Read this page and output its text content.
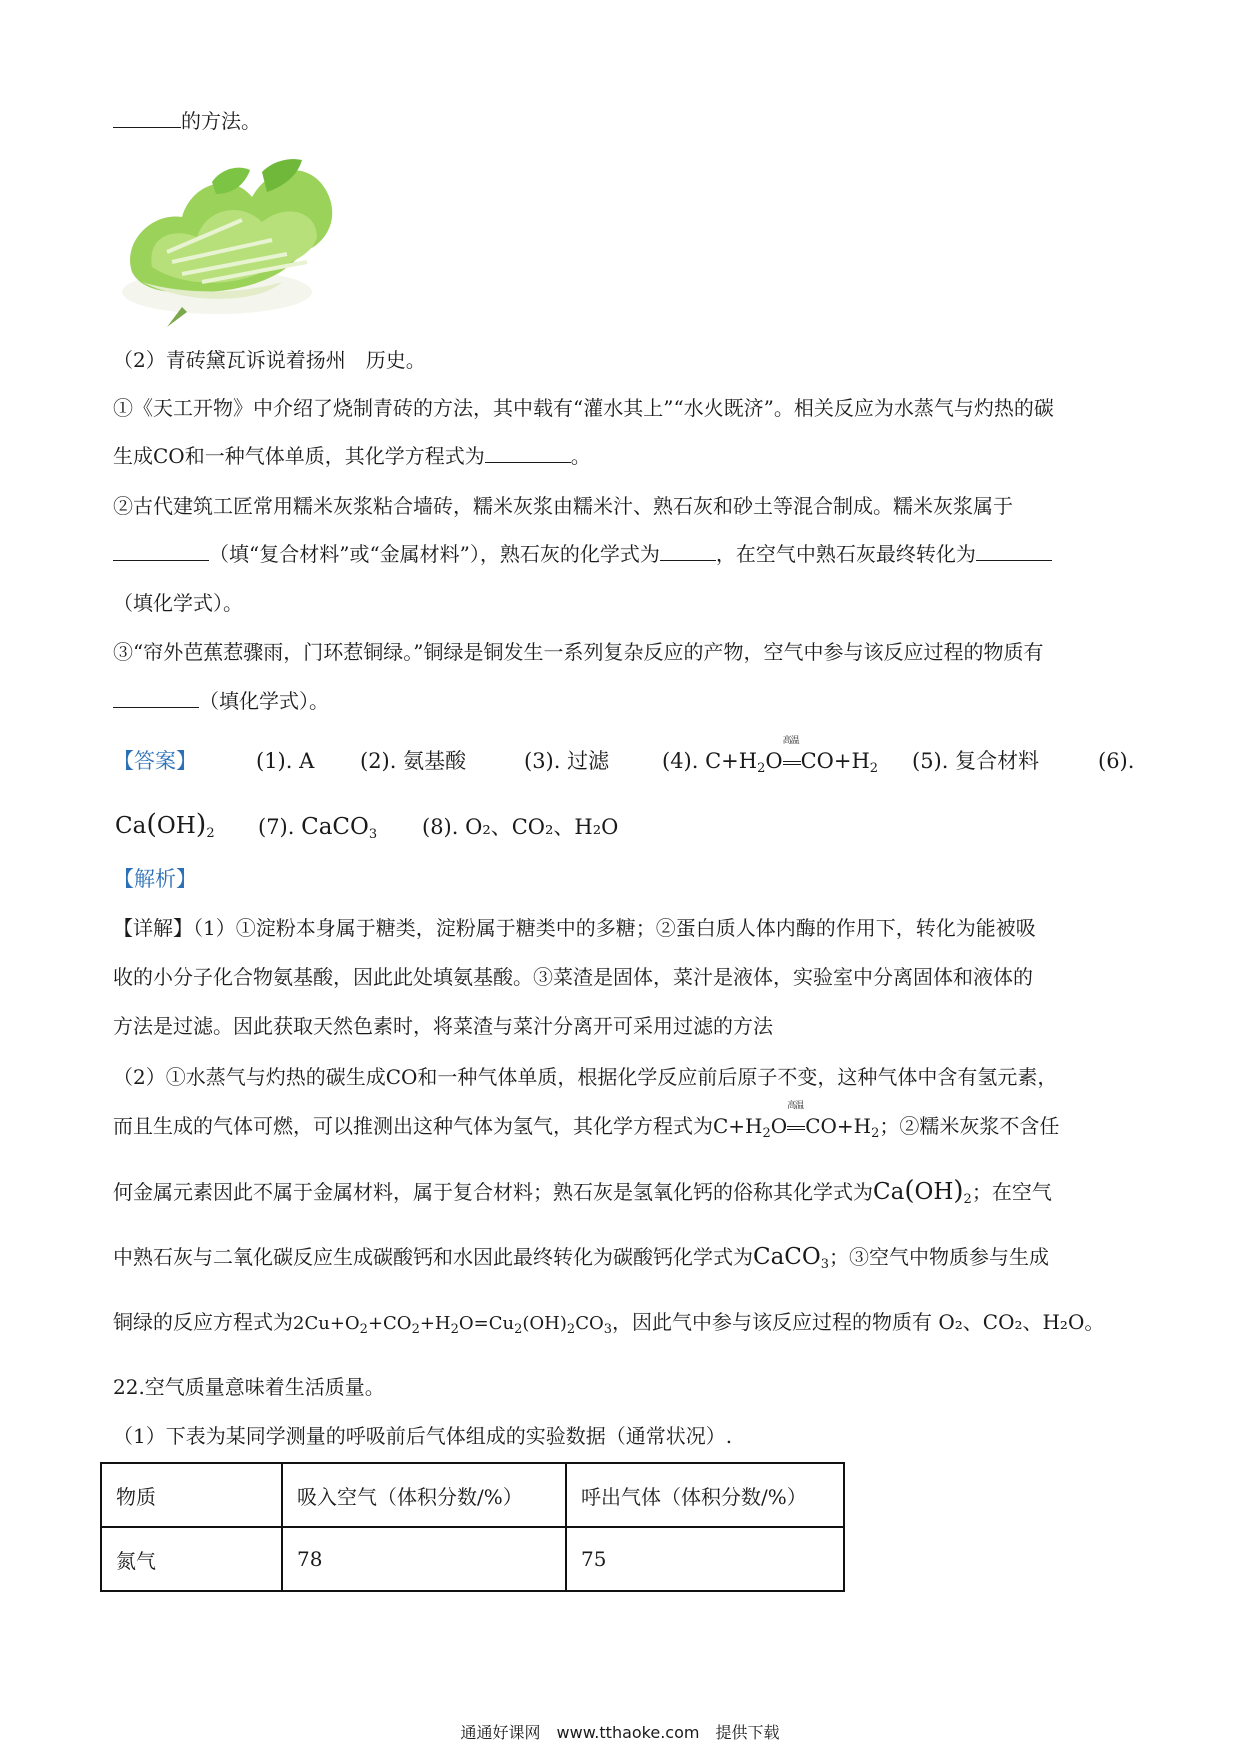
的方法。
（2）青砖黛瓦诉说着扬州　历史。
①《天工开物》中介绍了烧制青砖的方法，其中载有“灌水其上”“水火既济”。相关反应为水蒸气与灼热的碳
生成CO和一种气体单质，其化学方程式为	。
②古代建筑工匠常用糯米灰浆粘合墙砖，糯米灰浆由糯米汁、熟石灰和砂土等混合制成。糯米灰浆属于
（填“复合材料”或“金属材料”），熟石灰的化学式为	，在空气中熟石灰最终转化为
（填化学式）。
③“帘外芭蕉惹骤雨，门环惹铜绿。”铜绿是铜发生一系列复杂反应的产物，空气中参与该反应过程的物质有
（填化学式）。
【答案】	(1). A (2). 氨基酸	(3). 过滤	(4). $C+H_2O$
高温
$CO+H_2$ (5). 复合材料	(6).
$Ca(OH)_2$ (7). CaCO$_3$ (8). O₂、CO₂、H₂O
【解析】
【详解】（1）①淀粉本身属于糖类，淀粉属于糖类中的多糖；②蛋白质人体内酶的作用下，转化为能被吸
收的小分子化合物氨基酸，因此此处填氨基酸。③菜渣是固体，菜汁是液体，实验室中分离固体和液体的
方法是过滤。因此获取天然色素时，将菜渣与菜汁分离开可采用过滤的方法
（2）①水蒸气与灼热的碳生成CO和一种气体单质，根据化学反应前后原子不变，这种气体中含有氢元素，
而且生成的气体可燃，可以推测出这种气体为氢气，其化学方程式为$C+H_2O$
高温
$CO+H_2$；②糯米灰浆不含任
何金属元素因此不属于金属材料，属于复合材料；熟石灰是氢氧化钙的俗称其化学式为$Ca(OH)_2$；在空气
中熟石灰与二氧化碳反应生成碳酸钙和水因此最终转化为碳酸钙化学式为CaCO$_3$；③空气中物质参与生成
铜绿的反应方程式为$2Cu+O_2+CO_2+H_2O=Cu_2(OH)_2CO_3$，因此气中参与该反应过程的物质有 O₂、CO₂、H₂O。
22.空气质量意味着生活质量。
（1）下表为某同学测量的呼吸前后气体组成的实验数据（通常状况）.
物质	吸入空气（体积分数/%）	呼出气体（体积分数/%）
氮气	78	75
通通好课网　www.tthaoke.com　提供下载
